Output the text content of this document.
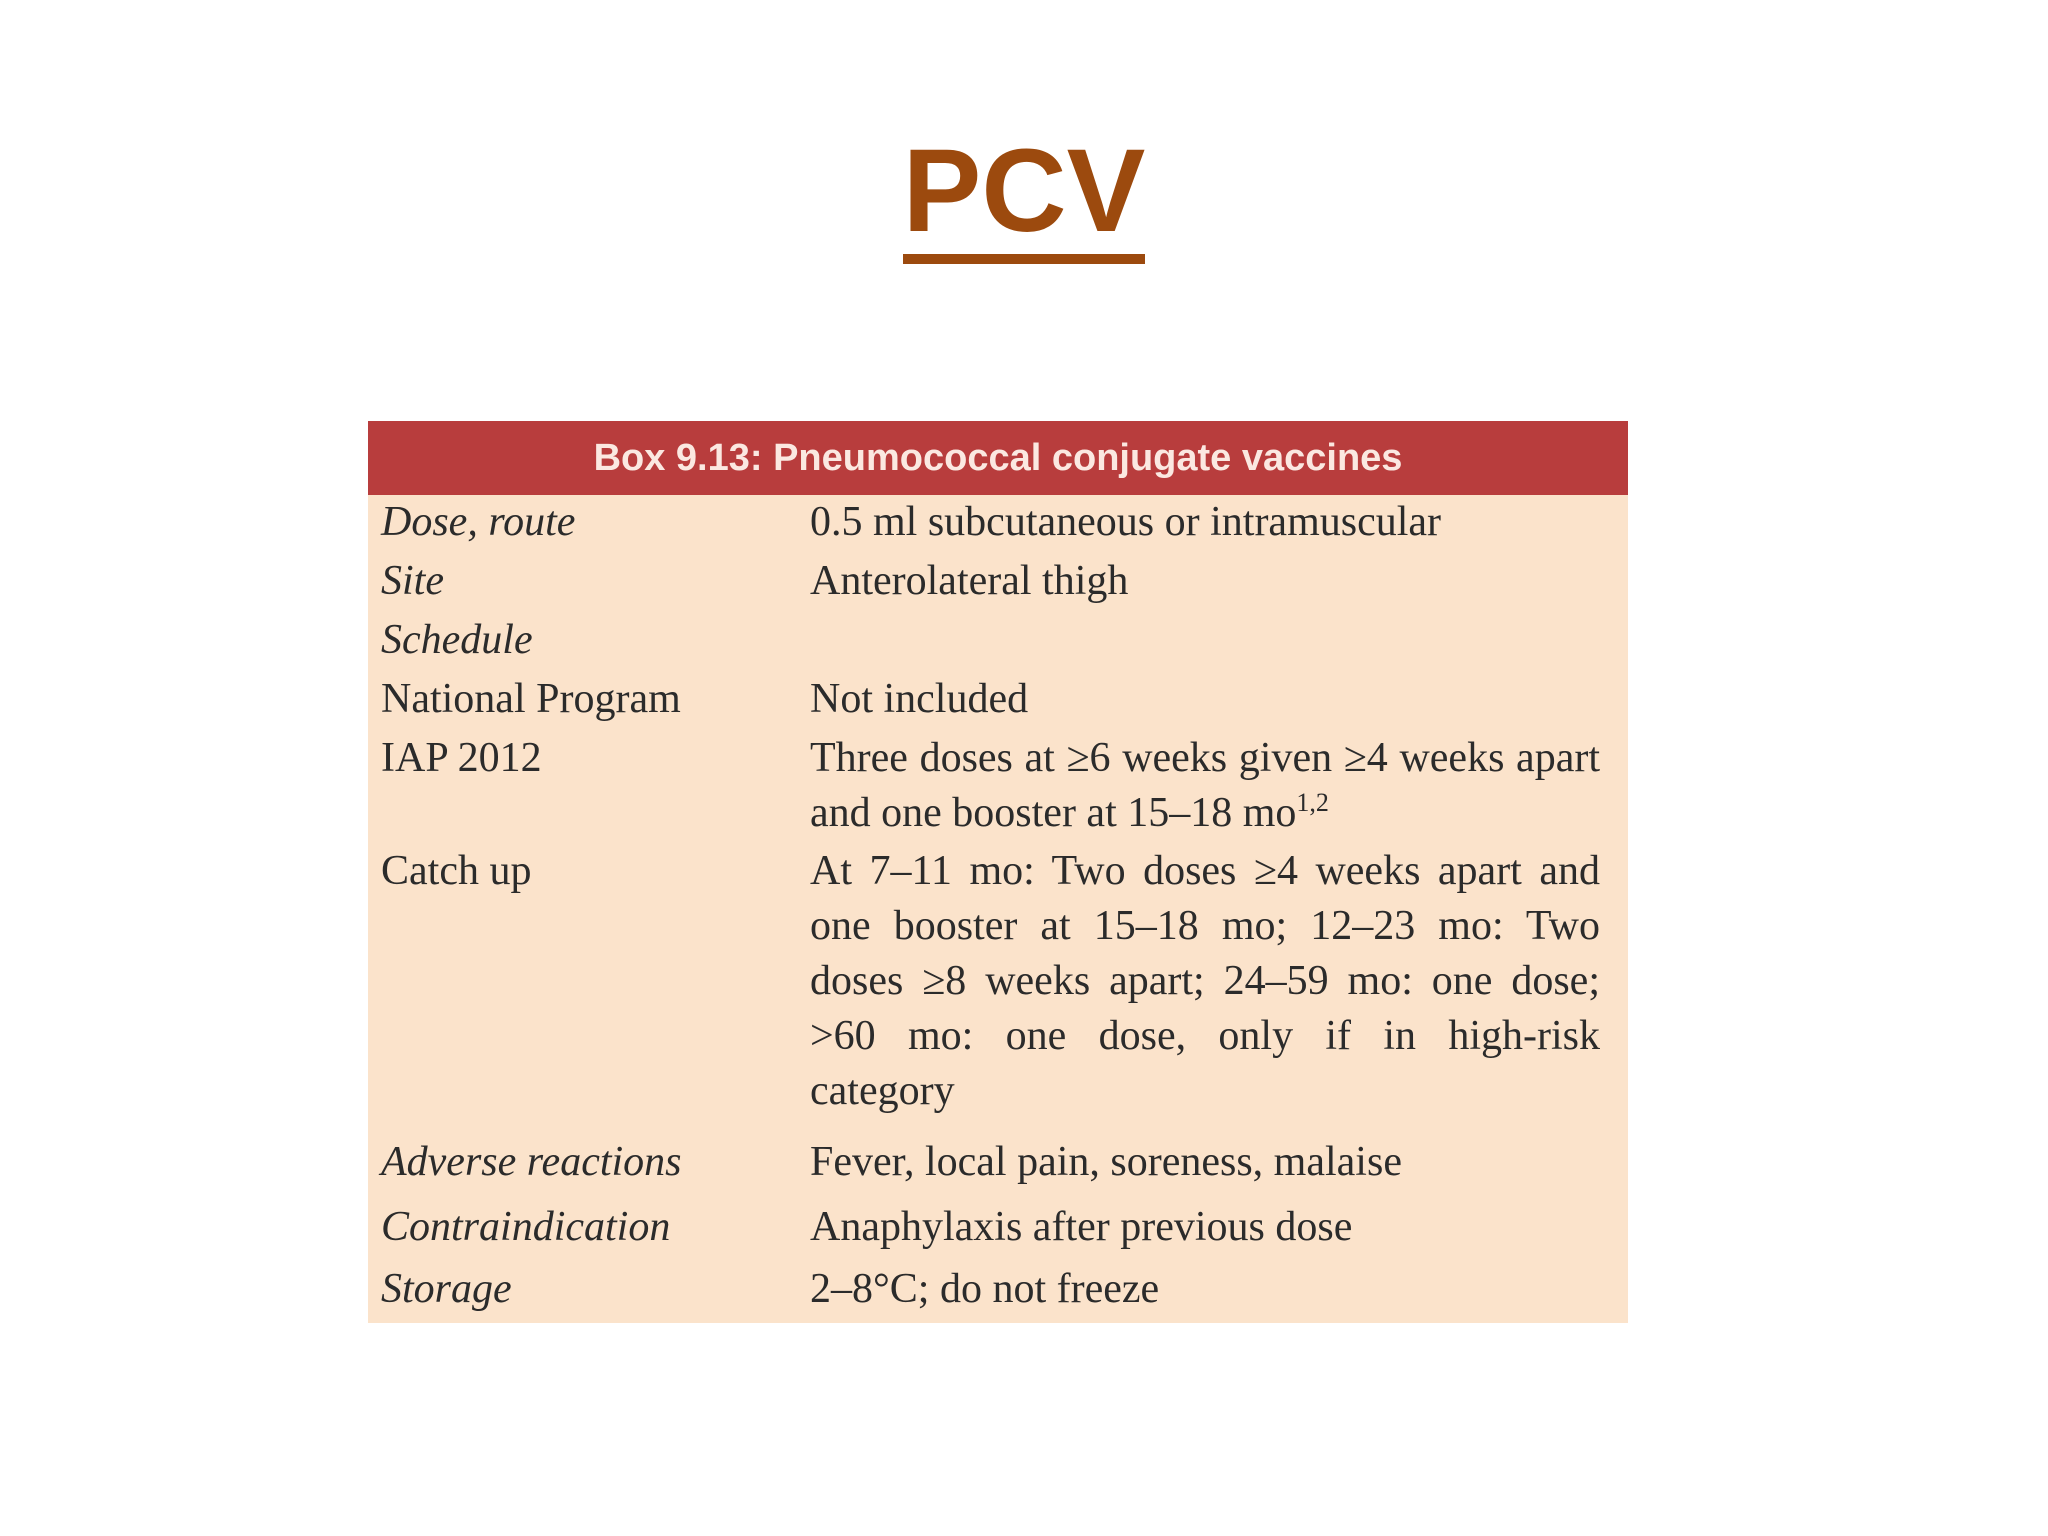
PCV
Box 9.13: Pneumococcal conjugate vaccines
Dose, route	0.5 ml subcutaneous or intramuscular
Site	Anterolateral thigh
Schedule
National Program	Not included
IAP 2012	Three doses at ≥6 weeks given ≥4 weeks apart and one booster at 15–18 mo$^{1,2}$
Catch up	At 7–11 mo: Two doses ≥4 weeks apart and one booster at 15–18 mo; 12–23 mo: Two doses ≥8 weeks apart; 24–59 mo: one dose; >60 mo: one dose, only if in high-risk category
Adverse reactions	Fever, local pain, soreness, malaise
Contraindication	Anaphylaxis after previous dose
Storage	2–8°C; do not freeze
